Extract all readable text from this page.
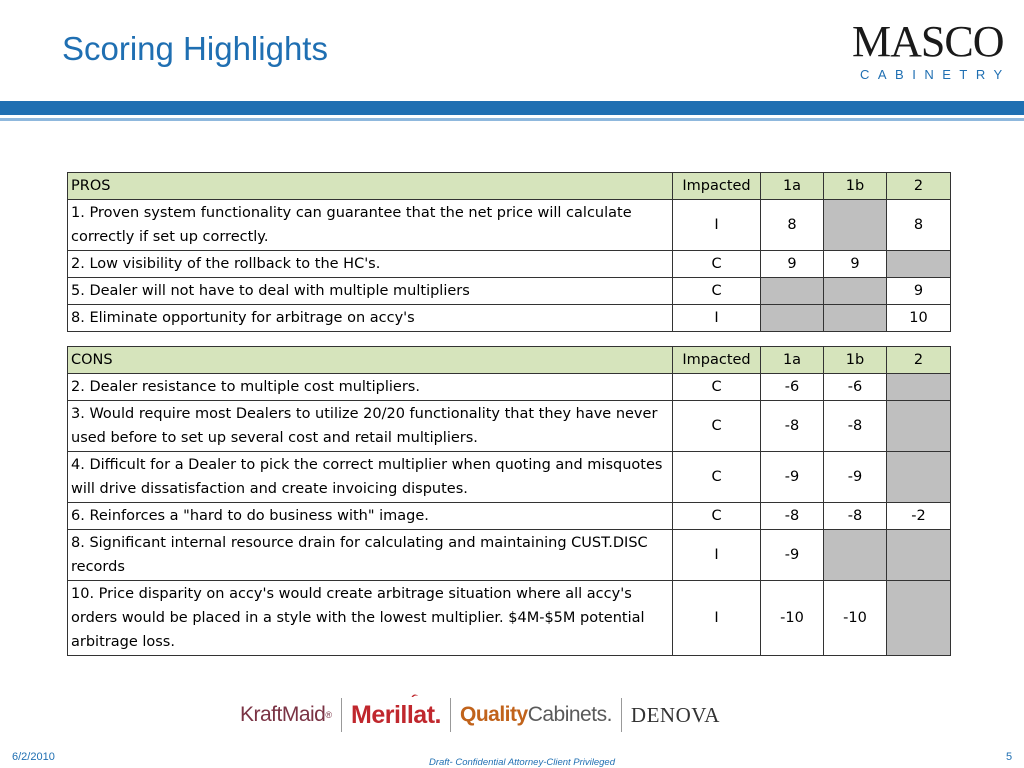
Scoring Highlights	MASCO
CABINETRY
PROS	Impacted	1a	1b	2
1. Proven system functionality can guarantee that the net price will calculate correctly if set up correctly.	I	8		8
2. Low visibility of the rollback to the HC's.	C	9	9	
5. Dealer will not have to deal with multiple multipliers	C			9
8. Eliminate opportunity for arbitrage on accy's	I			10
CONS	Impacted	1a	1b	2
2. Dealer resistance to multiple cost multipliers.	C	-6	-6	
3. Would require most Dealers to utilize 20/20 functionality that they have never used before to set up several cost and retail multipliers.	C	-8	-8	
4. Difficult for a Dealer to pick the correct multiplier when quoting and misquotes will drive dissatisfaction and create invoicing disputes.	C	-9	-9	
6. Reinforces a "hard to do business with" image.	C	-8	-8	-2
8. Significant internal resource drain for calculating and maintaining CUST.DISC records	I	-9		
10. Price disparity on accy's would create arbitrage situation where all accy's orders would be placed in a style with the lowest multiplier. $4M-$5M potential arbitrage loss.	I	-10	-10	
KraftMaid ® Merillat. Quality Cabinets. DENOVA
6/2/2010	5
Draft- Confidential Attorney-Client Privileged
